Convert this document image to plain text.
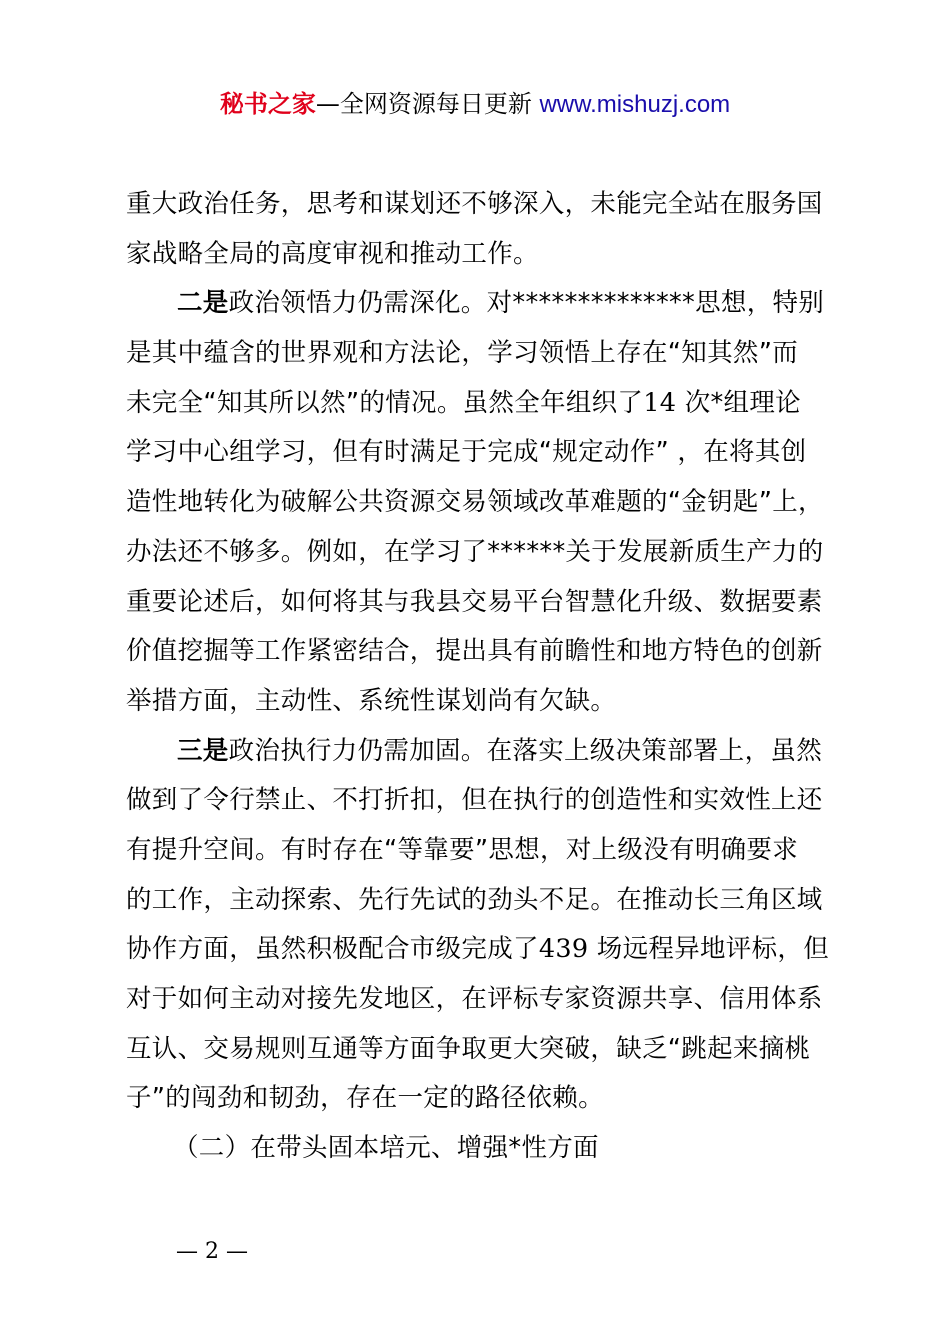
秘书之家—全网资源每日更新 www.mishuzj.com
重大政治任务，思考和谋划还不够深入，未能完全站在服务国
家战略全局的高度审视和推动工作。
二是政治领悟力仍需深化。对**************思想，特别
是其中蕴含的世界观和方法论，学习领悟上存在“知其然”而
未完全“知其所以然”的情况。虽然全年组织了14 次*组理论
学习中心组学习，但有时满足于完成“规定动作” ，在将其创
造性地转化为破解公共资源交易领域改革难题的“金钥匙”上，
办法还不够多。例如，在学习了******关于发展新质生产力的
重要论述后，如何将其与我县交易平台智慧化升级、数据要素
价值挖掘等工作紧密结合，提出具有前瞻性和地方特色的创新
举措方面，主动性、系统性谋划尚有欠缺。
三是政治执行力仍需加固。在落实上级决策部署上，虽然
做到了令行禁止、不打折扣，但在执行的创造性和实效性上还
有提升空间。有时存在“等靠要”思想，对上级没有明确要求
的工作，主动探索、先行先试的劲头不足。在推动长三角区域
协作方面，虽然积极配合市级完成了439 场远程异地评标，但
对于如何主动对接先发地区，在评标专家资源共享、信用体系
互认、交易规则互通等方面争取更大突破，缺乏“跳起来摘桃
子”的闯劲和韧劲，存在一定的路径依赖。
（二）在带头固本培元、增强*性方面
— 2 —
